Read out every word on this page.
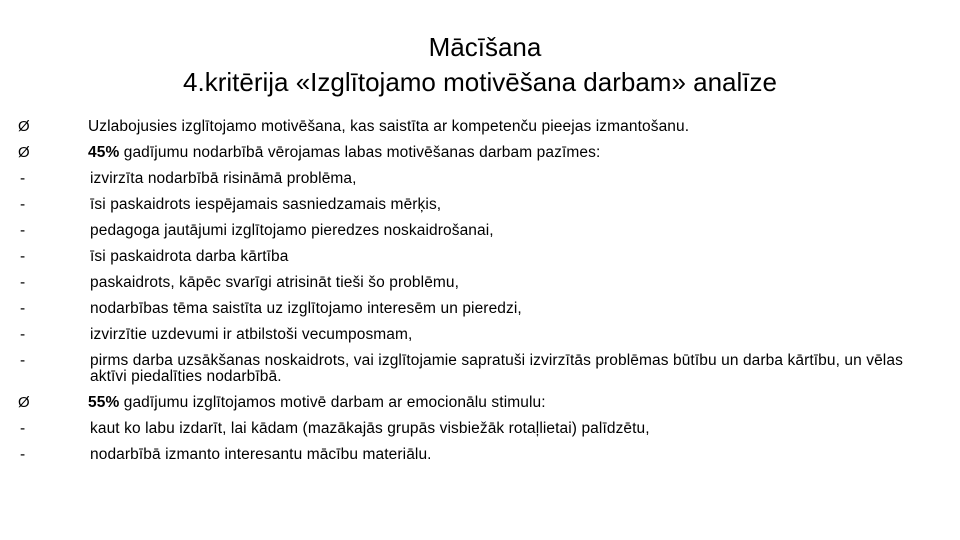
Mācīšana
4.kritērija «Izglītojamo motivēšana darbam» analīze
Ø	Uzlabojusies izglītojamo motivēšana, kas saistīta ar kompetenču pieejas izmantošanu.
Ø	45% gadījumu nodarbībā vērojamas labas motivēšanas darbam pazīmes:
-	izvirzīta nodarbībā risināmā problēma,
-	īsi paskaidrots iespējamais sasniedzamais mērķis,
-	pedagoga jautājumi izglītojamo pieredzes noskaidrošanai,
-	īsi paskaidrota darba kārtība
-	paskaidrots, kāpēc svarīgi atrisināt tieši šo problēmu,
-	nodarbības tēma saistīta uz izglītojamo interesēm un pieredzi,
-	izvirzītie uzdevumi ir atbilstoši vecumposmam,
-	pirms darba uzsākšanas noskaidrots, vai izglītojamie sapratuši izvirzītās problēmas būtību un darba kārtību, un vēlas aktīvi piedalīties nodarbībā.
Ø	55% gadījumu izglītojamos motivē darbam ar emocionālu stimulu:
-	kaut ko labu izdarīt, lai kādam (mazākajās grupās visbiežāk rotaļlietai) palīdzētu,
-	nodarbībā izmanto interesantu mācību materiālu.
